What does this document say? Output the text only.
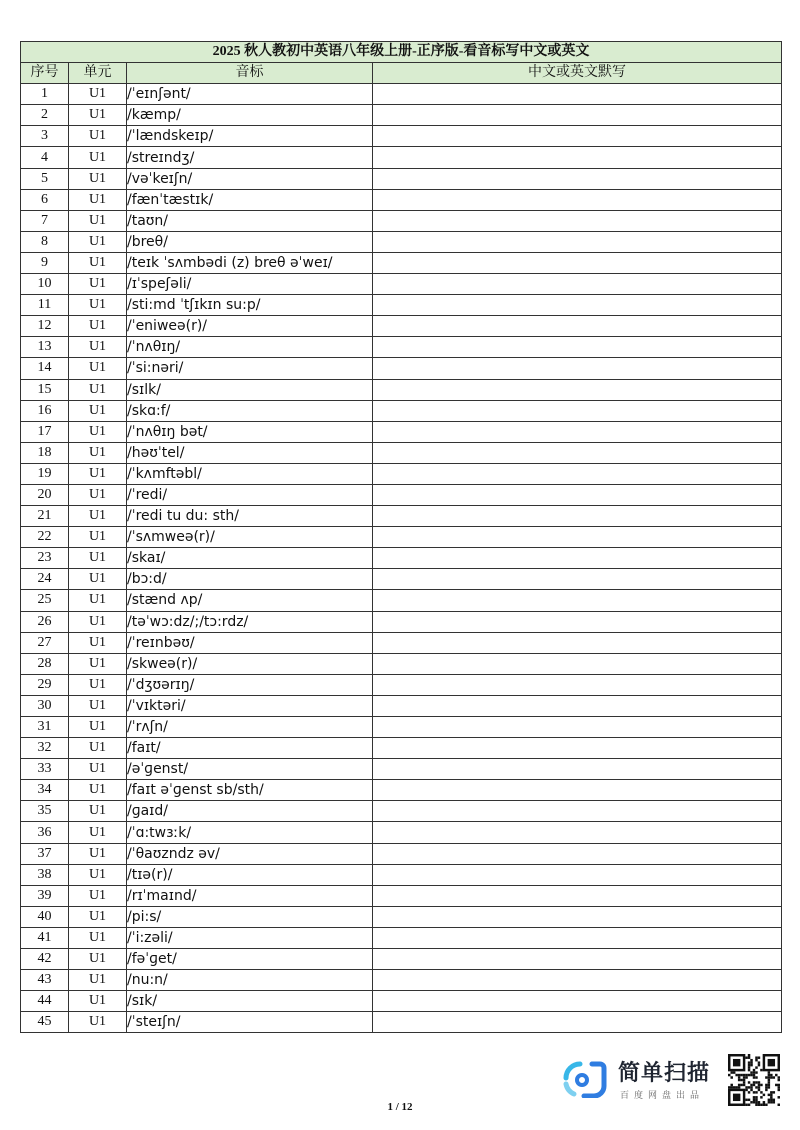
2025 秋人教初中英语八年级上册-正序版-看音标写中文或英文			
序号	单元	音标	中文或英文默写
1	U1	/ˈeɪnʃənt/	
2	U1	/kæmp/	
3	U1	/ˈlændskeɪp/	
4	U1	/streɪndʒ/	
5	U1	/vəˈkeɪʃn/	
6	U1	/fænˈtæstɪk/	
7	U1	/taʊn/	
8	U1	/breθ/	
9	U1	/teɪk ˈsʌmbədi (z) breθ əˈweɪ/	
10	U1	/ɪˈspeʃəli/	
11	U1	/sti:md ˈtʃɪkɪn su:p/	
12	U1	/ˈeniweə(r)/	
13	U1	/ˈnʌθɪŋ/	
14	U1	/ˈsi:nəri/	
15	U1	/sɪlk/	
16	U1	/skɑ:f/	
17	U1	/ˈnʌθɪŋ bət/	
18	U1	/həʊˈtel/	
19	U1	/ˈkʌmftəbl/	
20	U1	/ˈredi/	
21	U1	/ˈredi tu du: sth/	
22	U1	/ˈsʌmweə(r)/	
23	U1	/skaɪ/	
24	U1	/bɔ:d/	
25	U1	/stænd ʌp/	
26	U1	/təˈwɔ:dz/;/tɔ:rdz/	
27	U1	/ˈreɪnbəʊ/	
28	U1	/skweə(r)/	
29	U1	/ˈdʒʊərɪŋ/	
30	U1	/ˈvɪktəri/	
31	U1	/ˈrʌʃn/	
32	U1	/faɪt/	
33	U1	/əˈɡenst/	
34	U1	/faɪt əˈɡenst sb/sth/	
35	U1	/ɡaɪd/	
36	U1	/ˈɑ:twɜːk/	
37	U1	/ˈθaʊzndz əv/	
38	U1	/tɪə(r)/	
39	U1	/rɪˈmaɪnd/	
40	U1	/pi:s/	
41	U1	/ˈi:zəli/	
42	U1	/fəˈɡet/	
43	U1	/nu:n/	
44	U1	/sɪk/	
45	U1	/ˈsteɪʃn/	
简单扫描
百度网盘出品
1 / 12
